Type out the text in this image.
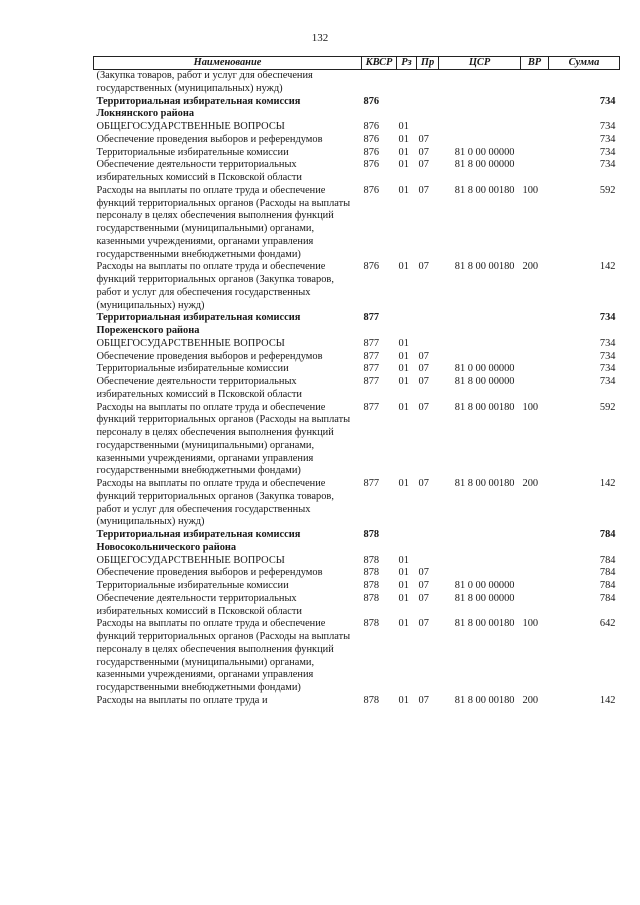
132
Наименование	КВСР	Рз	Пр	ЦСР	ВР	Сумма
(Закупка товаров, работ и услуг для обеспечения государственных (муниципальных) нужд)						
Территориальная избирательная комиссия Локнянского района	876					734
ОБЩЕГОСУДАРСТВЕННЫЕ ВОПРОСЫ	876	01				734
Обеспечение проведения выборов и референдумов	876	01	07			734
Территориальные избирательные комиссии	876	01	07	81 0 00 00000		734
Обеспечение деятельности территориальных избирательных комиссий в Псковской области	876	01	07	81 8 00 00000		734
Расходы на выплаты по оплате труда и обеспечение функций территориальных органов (Расходы на выплаты персоналу в целях обеспечения выполнения функций государственными (муниципальными) органами, казенными учреждениями, органами управления государственными внебюджетными фондами)	876	01	07	81 8 00 00180	100	592
Расходы на выплаты по оплате труда и обеспечение функций территориальных органов (Закупка товаров, работ и услуг для обеспечения государственных (муниципальных) нужд)	876	01	07	81 8 00 00180	200	142
Территориальная избирательная комиссия Пореженского района	877					734
ОБЩЕГОСУДАРСТВЕННЫЕ ВОПРОСЫ	877	01				734
Обеспечение проведения выборов и референдумов	877	01	07			734
Территориальные избирательные комиссии	877	01	07	81 0 00 00000		734
Обеспечение деятельности территориальных избирательных комиссий в Псковской области	877	01	07	81 8 00 00000		734
Расходы на выплаты по оплате труда и обеспечение функций территориальных органов (Расходы на выплаты персоналу в целях обеспечения выполнения функций государственными (муниципальными) органами, казенными учреждениями, органами управления государственными внебюджетными фондами)	877	01	07	81 8 00 00180	100	592
Расходы на выплаты по оплате труда и обеспечение функций территориальных органов (Закупка товаров, работ и услуг для обеспечения государственных (муниципальных) нужд)	877	01	07	81 8 00 00180	200	142
Территориальная избирательная комиссия Новосокольнического района	878					784
ОБЩЕГОСУДАРСТВЕННЫЕ ВОПРОСЫ	878	01				784
Обеспечение проведения выборов и референдумов	878	01	07			784
Территориальные избирательные комиссии	878	01	07	81 0 00 00000		784
Обеспечение деятельности территориальных избирательных комиссий в Псковской области	878	01	07	81 8 00 00000		784
Расходы на выплаты по оплате труда и обеспечение функций территориальных органов (Расходы на выплаты персоналу в целях обеспечения выполнения функций государственными (муниципальными) органами, казенными учреждениями, органами управления государственными внебюджетными фондами)	878	01	07	81 8 00 00180	100	642
Расходы на выплаты по оплате труда и	878	01	07	81 8 00 00180	200	142
